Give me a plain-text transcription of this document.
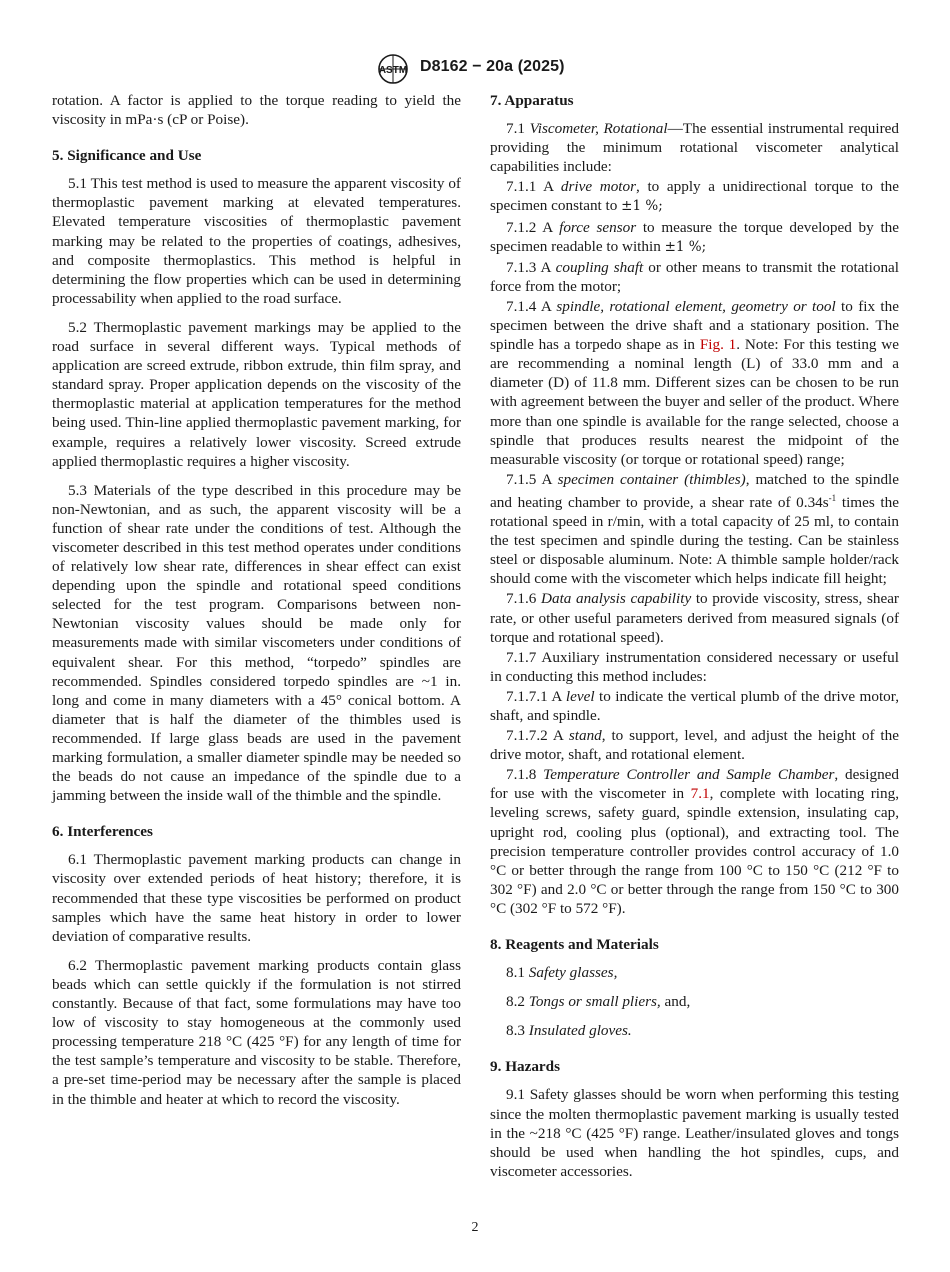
ASTM D8162 − 20a (2025)

rotation. A factor is applied to the torque reading to yield the viscosity in mPa·s (cP or Poise).

5. Significance and Use

5.1 This test method is used to measure the apparent viscosity of thermoplastic pavement marking at elevated temperatures. Elevated temperature viscosities of thermoplastic pavement marking may be related to the properties of coatings, adhesives, and composite thermoplastics. This method is helpful in determining the flow properties which can be used in determining processability when applied to the road surface.

5.2 Thermoplastic pavement markings may be applied to the road surface in several different ways. Typical methods of application are screed extrude, ribbon extrude, thin film spray, and standard spray. Proper application depends on the viscosity of the thermoplastic material at application temperatures for the method being used. Thin-line applied thermoplastic pavement marking, for example, requires a relatively lower viscosity. Screed extrude applied thermoplastic requires a higher viscosity.

5.3 Materials of the type described in this procedure may be non-Newtonian, and as such, the apparent viscosity will be a function of shear rate under the conditions of test. Although the viscometer described in this test method operates under conditions of relatively low shear rate, differences in shear effect can exist depending upon the spindle and rotational speed conditions selected for the test program. Comparisons between non-Newtonian viscosity values should be made only for measurements made with similar viscometers under conditions of equivalent shear. For this method, “torpedo” spindles are recommended. Spindles considered torpedo spindles are ~1 in. long and come in many diameters with a 45° conical bottom. A diameter that is half the diameter of the thimbles used is recommended. If large glass beads are used in the pavement marking formulation, a smaller diameter spindle may be needed so the beads do not cause an impedance of the spindle due to a jamming between the inside wall of the thimble and the spindle.

6. Interferences

6.1 Thermoplastic pavement marking products can change in viscosity over extended periods of heat history; therefore, it is recommended that these type viscosities be performed on product samples which have the same heat history in order to lower deviation of comparative results.

6.2 Thermoplastic pavement marking products contain glass beads which can settle quickly if the formulation is not stirred constantly. Because of that fact, some formulations may have too low of viscosity to stay homogeneous at the commonly used processing temperature 218 °C (425 °F) for any length of time for the test sample’s temperature and viscosity to be stable. Therefore, a pre-set time-period may be necessary after the sample is placed in the thimble and heater at which to record the viscosity.

7. Apparatus

7.1 Viscometer, Rotational—The essential instrumental required providing the minimum rotational viscometer analytical capabilities include:

7.1.1 A drive motor, to apply a unidirectional torque to the specimen constant to ±1 %;

7.1.2 A force sensor to measure the torque developed by the specimen readable to within ±1 %;

7.1.3 A coupling shaft or other means to transmit the rotational force from the motor;

7.1.4 A spindle, rotational element, geometry or tool to fix the specimen between the drive shaft and a stationary position. The spindle has a torpedo shape as in Fig. 1. Note: For this testing we are recommending a nominal length (L) of 33.0 mm and a diameter (D) of 11.8 mm. Different sizes can be chosen to be run with agreement between the buyer and seller of the product. Where more than one spindle is available for the range selected, choose a spindle that produces results nearest the midpoint of the measurable viscosity (or torque or rotational speed) range;

7.1.5 A specimen container (thimbles), matched to the spindle and heating chamber to provide, a shear rate of $0.34s^{-1}$ times the rotational speed in r/min, with a total capacity of 25 ml, to contain the test specimen and spindle during the testing. Can be stainless steel or disposable aluminum. Note: A thimble sample holder/rack should come with the viscometer which helps indicate fill height;

7.1.6 Data analysis capability to provide viscosity, stress, shear rate, or other useful parameters derived from measured signals (of torque and rotational speed).

7.1.7 Auxiliary instrumentation considered necessary or useful in conducting this method includes:

7.1.7.1 A level to indicate the vertical plumb of the drive motor, shaft, and spindle.

7.1.7.2 A stand, to support, level, and adjust the height of the drive motor, shaft, and rotational element.

7.1.8 Temperature Controller and Sample Chamber, designed for use with the viscometer in 7.1, complete with locating ring, leveling screws, safety guard, spindle extension, insulating cap, upright rod, cooling plus (optional), and extracting tool. The precision temperature controller provides control accuracy of 1.0 °C or better through the range from 100 °C to 150 °C (212 °F to 302 °F) and 2.0 °C or better through the range from 150 °C to 300 °C (302 °F to 572 °F).

8. Reagents and Materials

8.1 Safety glasses,

8.2 Tongs or small pliers, and,

8.3 Insulated gloves.

9. Hazards

9.1 Safety glasses should be worn when performing this testing since the molten thermoplastic pavement marking is usually tested in the ~218 °C (425 °F) range. Leather/insulated gloves and tongs should be used when handling the hot spindles, cups, and viscometer accessories.

2
